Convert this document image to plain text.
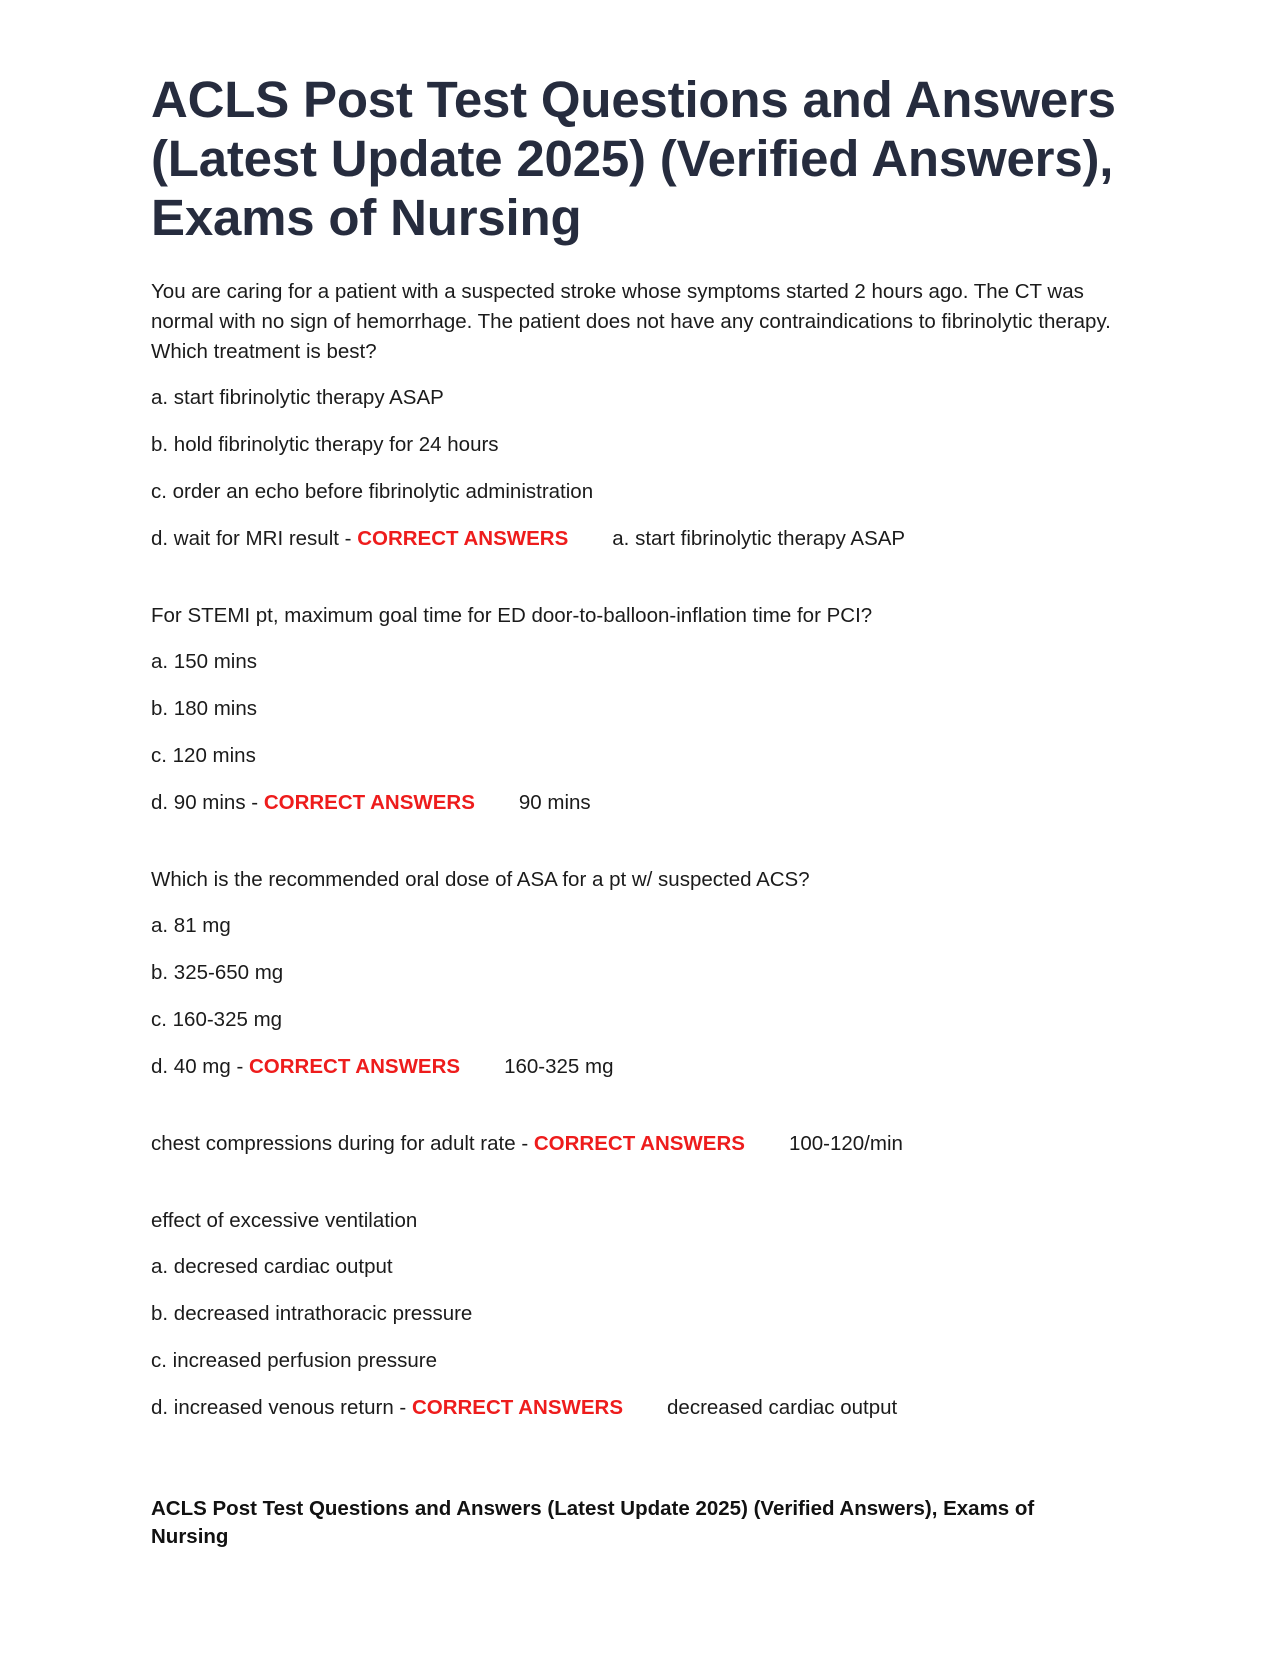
ACLS Post Test Questions and Answers (Latest Update 2025) (Verified Answers), Exams of Nursing

You are caring for a patient with a suspected stroke whose symptoms started 2 hours ago. The CT was normal with no sign of hemorrhage. The patient does not have any contraindications to fibrinolytic therapy. Which treatment is best?

a. start fibrinolytic therapy ASAP

b. hold fibrinolytic therapy for 24 hours

c. order an echo before fibrinolytic administration

d. wait for MRI result - CORRECT ANSWERS a. start fibrinolytic therapy ASAP

For STEMI pt, maximum goal time for ED door-to-balloon-inflation time for PCI?

a. 150 mins

b. 180 mins

c. 120 mins

d. 90 mins - CORRECT ANSWERS 90 mins

Which is the recommended oral dose of ASA for a pt w/ suspected ACS?

a. 81 mg

b. 325-650 mg

c. 160-325 mg

d. 40 mg - CORRECT ANSWERS 160-325 mg

chest compressions during for adult rate - CORRECT ANSWERS 100-120/min

effect of excessive ventilation

a. decresed cardiac output

b. decreased intrathoracic pressure

c. increased perfusion pressure

d. increased venous return - CORRECT ANSWERS decreased cardiac output

ACLS Post Test Questions and Answers (Latest Update 2025) (Verified Answers), Exams of Nursing
